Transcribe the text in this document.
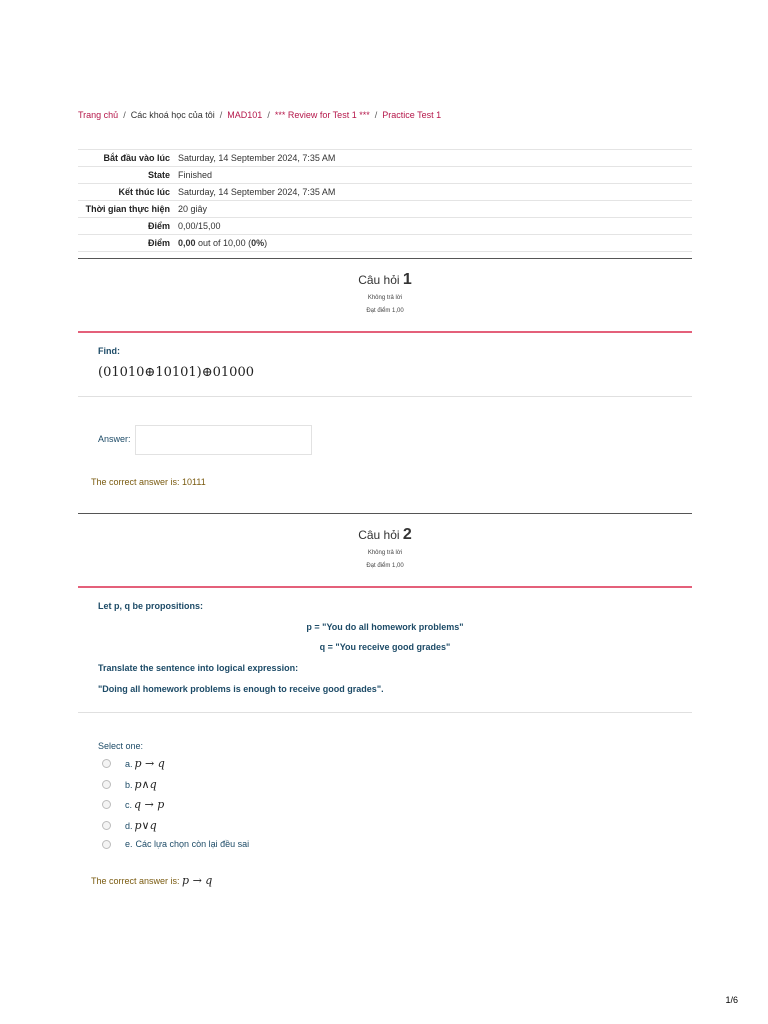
Trang chủ / Các khoá học của tôi / MAD101 / *** Review for Test 1 *** / Practice Test 1
Bắt đầu vào lúc	Saturday, 14 September 2024, 7:35 AM
State	Finished
Kết thúc lúc	Saturday, 14 September 2024, 7:35 AM
Thời gian thực hiện	20 giây
Điểm	0,00/15,00
Điểm	0,00 out of 10,00 (0%)
Câu hỏi 1
Không trả lời
Đạt điểm 1,00
Find:
(01010⊕10101)⊕01000
Answer:
The correct answer is: 10111
Câu hỏi 2
Không trả lời
Đạt điểm 1,00
Let p, q be propositions:
p = "You do all homework problems"
q = "You receive good grades"
Translate the sentence into logical expression:
"Doing all homework problems is enough to receive good grades".
Select one:
a. p → q
b. p∧q
c. q → p
d. p∨q
e. Các lựa chọn còn lại đều sai
The correct answer is: p → q
1/6
